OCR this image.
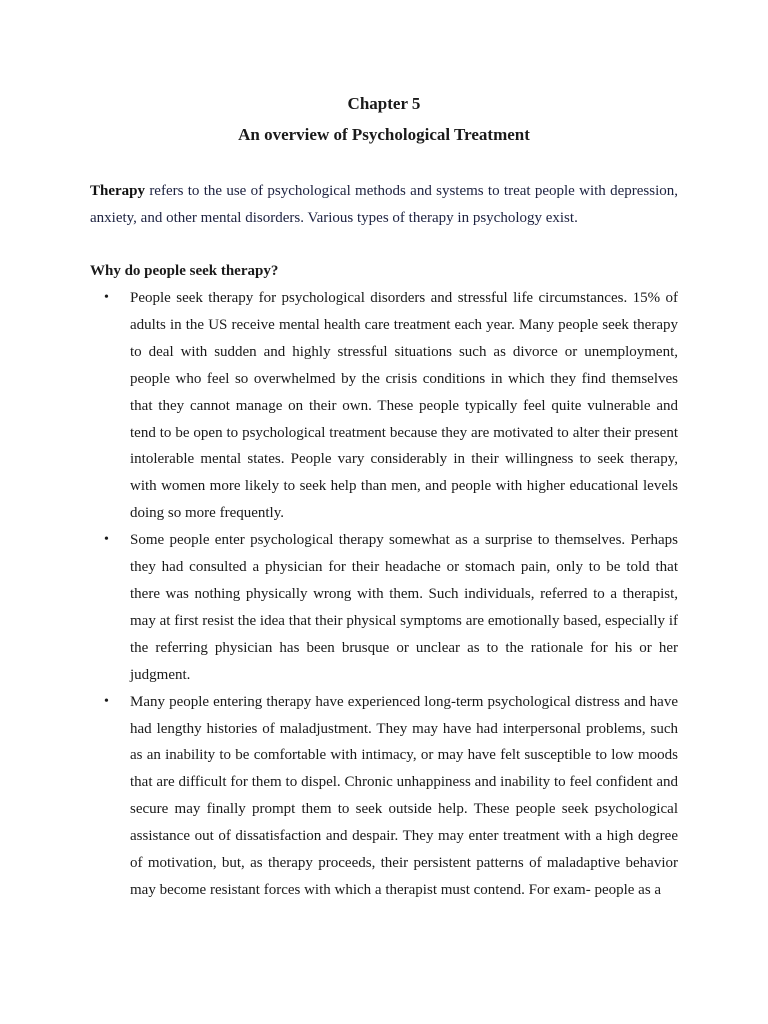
Chapter 5
An overview of Psychological Treatment

Therapy refers to the use of psychological methods and systems to treat people with depression, anxiety, and other mental disorders. Various types of therapy in psychology exist.

Why do people seek therapy?
• People seek therapy for psychological disorders and stressful life circumstances. 15% of adults in the US receive mental health care treatment each year. Many people seek therapy to deal with sudden and highly stressful situations such as divorce or unemployment, people who feel so overwhelmed by the crisis conditions in which they find themselves that they cannot manage on their own. These people typically feel quite vulnerable and tend to be open to psychological treatment because they are motivated to alter their present intolerable mental states. People vary considerably in their willingness to seek therapy, with women more likely to seek help than men, and people with higher educational levels doing so more frequently.
• Some people enter psychological therapy somewhat as a surprise to themselves. Perhaps they had consulted a physician for their headache or stomach pain, only to be told that there was nothing physically wrong with them. Such individuals, referred to a therapist, may at first resist the idea that their physical symptoms are emotionally based, especially if the referring physician has been brusque or unclear as to the rationale for his or her judgment.
• Many people entering therapy have experienced long-term psychological distress and have had lengthy histories of maladjustment. They may have had interpersonal problems, such as an inability to be comfortable with intimacy, or may have felt susceptible to low moods that are difficult for them to dispel. Chronic unhappiness and inability to feel confident and secure may finally prompt them to seek outside help. These people seek psychological assistance out of dissatisfaction and despair. They may enter treatment with a high degree of motivation, but, as therapy proceeds, their persistent patterns of maladaptive behavior may become resistant forces with which a therapist must contend. For exam- people as a
